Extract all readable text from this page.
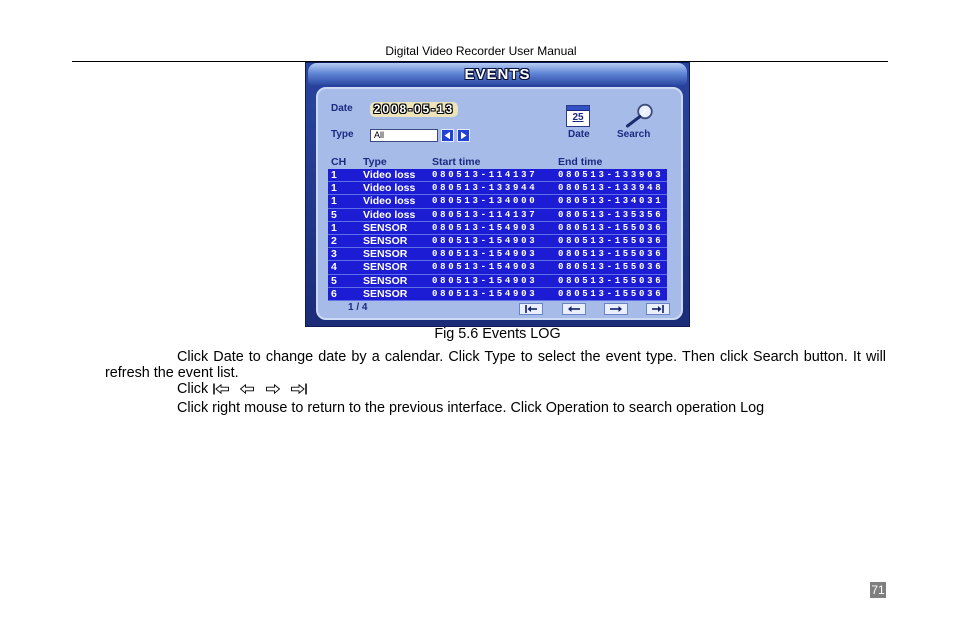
Digital Video Recorder User Manual
EVENTS
Date	2008-05-13
Type	All
25
Date	Search
CH Type	Start time	End time
1 Video loss 080513-114137 080513-133903
1 Video loss 080513-133944 080513-133948
1 Video loss 080513-134000 080513-134031
5 Video loss 080513-114137 080513-135356
1 SENSOR	080513-154903 080513-155036
2 SENSOR	080513-154903 080513-155036
3 SENSOR	080513-154903 080513-155036
4 SENSOR	080513-154903 080513-155036
5 SENSOR	080513-154903 080513-155036
6 SENSOR	080513-154903 080513-155036
1 / 4
Fig 5.6 Events LOG
Click Date to change date by a calendar. Click Type to select the event type. Then click Search button. It will refresh the event list.
Click
Click right mouse to return to the previous interface. Click Operation to search operation Log
71
